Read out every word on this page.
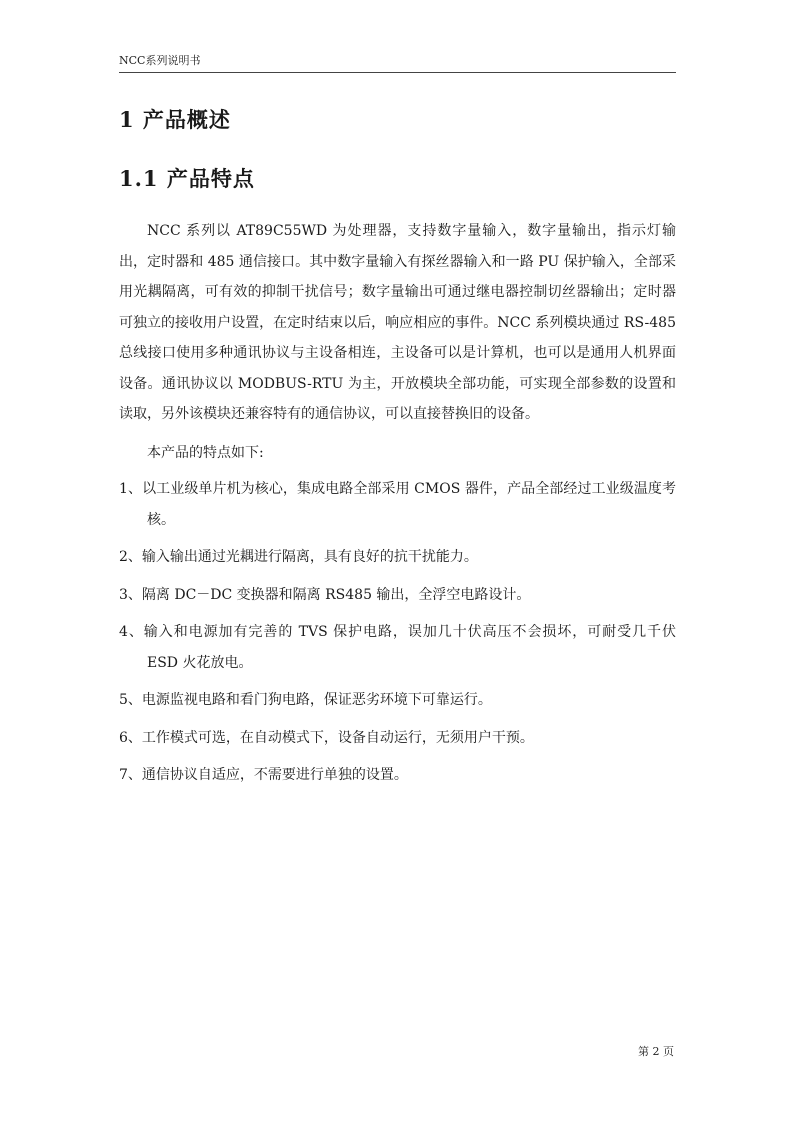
NCC系列说明书
1 产品概述
1.1 产品特点

NCC 系列以 AT89C55WD 为处理器，支持数字量输入，数字量输出，指示灯输出，定时器和 485 通信接口。其中数字量输入有探丝器输入和一路 PU 保护输入，全部采用光耦隔离，可有效的抑制干扰信号；数字量输出可通过继电器控制切丝器输出；定时器可独立的接收用户设置，在定时结束以后，响应相应的事件。NCC 系列模块通过 RS-485 总线接口使用多种通讯协议与主设备相连，主设备可以是计算机，也可以是通用人机界面设备。通讯协议以 MODBUS-RTU 为主，开放模块全部功能，可实现全部参数的设置和读取，另外该模块还兼容特有的通信协议，可以直接替换旧的设备。

本产品的特点如下:

1、以工业级单片机为核心，集成电路全部采用 CMOS 器件，产品全部经过工业级温度考核。
2、输入输出通过光耦进行隔离，具有良好的抗干扰能力。
3、隔离 DC－DC 变换器和隔离 RS485 输出，全浮空电路设计。
4、输入和电源加有完善的 TVS 保护电路，误加几十伏高压不会损坏，可耐受几千伏 ESD 火花放电。
5、电源监视电路和看门狗电路，保证恶劣环境下可靠运行。
6、工作模式可选，在自动模式下，设备自动运行，无须用户干预。
7、通信协议自适应，不需要进行单独的设置。
第 2 页
